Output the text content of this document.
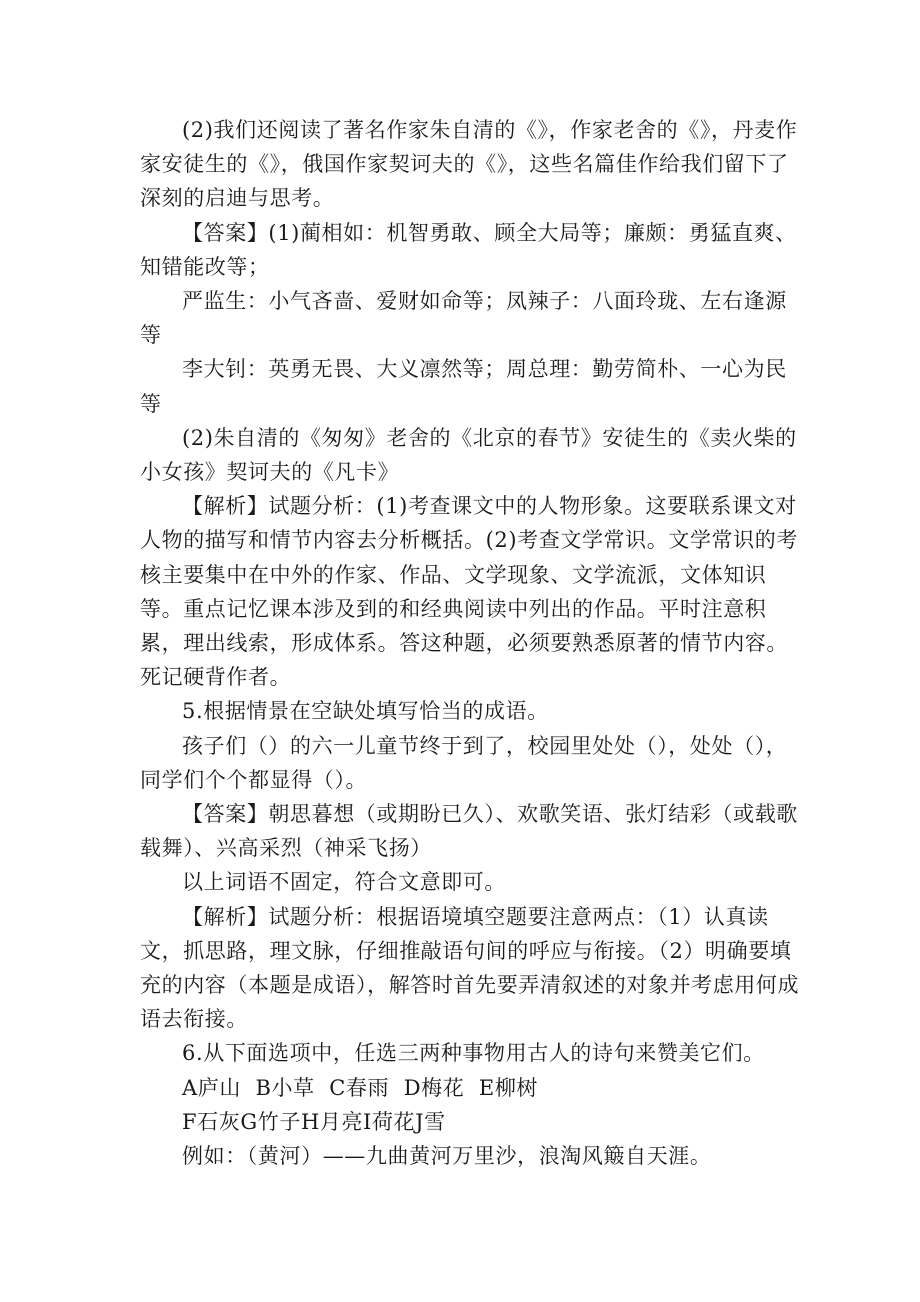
(2)我们还阅读了著名作家朱自清的《》，作家老舍的《》，丹麦作家安徒生的《》，俄国作家契诃夫的《》，这些名篇佳作给我们留下了深刻的启迪与思考。

【答案】(1)蔺相如：机智勇敢、顾全大局等；廉颇：勇猛直爽、知错能改等；

严监生：小气吝啬、爱财如命等；凤辣子：八面玲珑、左右逢源等

李大钊：英勇无畏、大义凛然等；周总理：勤劳简朴、一心为民等

(2)朱自清的《匆匆》老舍的《北京的春节》安徒生的《卖火柴的小女孩》契诃夫的《凡卡》

【解析】试题分析：(1)考查课文中的人物形象。这要联系课文对人物的描写和情节内容去分析概括。(2)考查文学常识。文学常识的考核主要集中在中外的作家、作品、文学现象、文学流派，文体知识等。重点记忆课本涉及到的和经典阅读中列出的作品。平时注意积累，理出线索，形成体系。答这种题，必须要熟悉原著的情节内容。死记硬背作者。

5.根据情景在空缺处填写恰当的成语。

孩子们（）的六一儿童节终于到了，校园里处处（），处处（），同学们个个都显得（）。

【答案】朝思暮想（或期盼已久）、欢歌笑语、张灯结彩（或载歌载舞）、兴高采烈（神采飞扬）

以上词语不固定，符合文意即可。

【解析】试题分析：根据语境填空题要注意两点：（1）认真读文，抓思路，理文脉，仔细推敲语句间的呼应与衔接。（2）明确要填充的内容（本题是成语），解答时首先要弄清叙述的对象并考虑用何成语去衔接。

6.从下面选项中，任选三两种事物用古人的诗句来赞美它们。

A庐山  B小草  C春雨  D梅花  E柳树

F石灰G竹子H月亮I荷花J雪

例如：（黄河）——九曲黄河万里沙，浪淘风簸自天涯。
